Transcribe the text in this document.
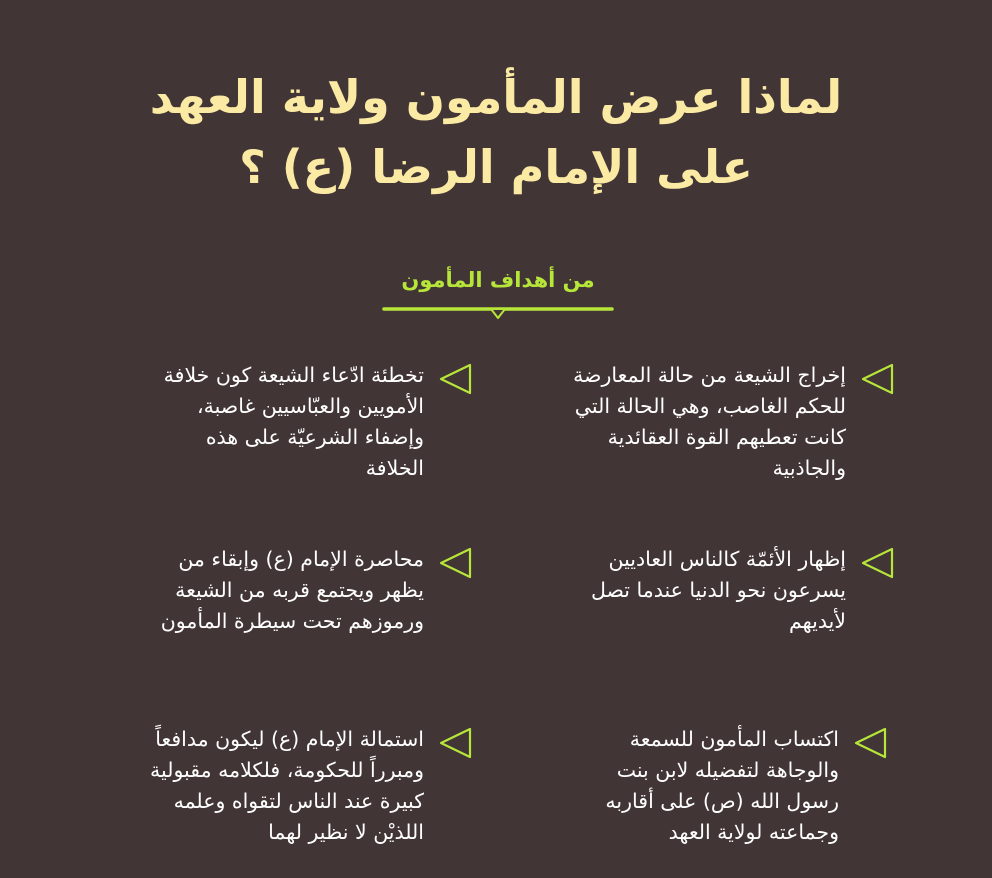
لماذا عرض المأمون ولاية العهد
على الإمام الرضا (ع) ؟
من أهداف المأمون
إخراج الشيعة من حالة المعارضة
للحكم الغاصب، وهي الحالة التي
كانت تعطيهم القوة العقائدية
والجاذبية
إظهار الأئمّة كالناس العاديين
يسرعون نحو الدنيا عندما تصل
لأيديهم
اكتساب المأمون للسمعة
والوجاهة لتفضيله لابن بنت
رسول الله (ص) على أقاربه
وجماعته لولاية العهد
تخطئة ادّعاء الشيعة كون خلافة
الأمويين والعبّاسيين غاصبة،
وإضفاء الشرعيّة على هذه
الخلافة
محاصرة الإمام (ع) وإبقاء من
يظهر ويجتمع قربه من الشيعة
ورموزهم تحت سيطرة المأمون
استمالة الإمام (ع) ليكون مدافعاً
ومبرراً للحكومة، فلكلامه مقبولية
كبيرة عند الناس لتقواه وعلمه
اللذيْن لا نظير لهما
